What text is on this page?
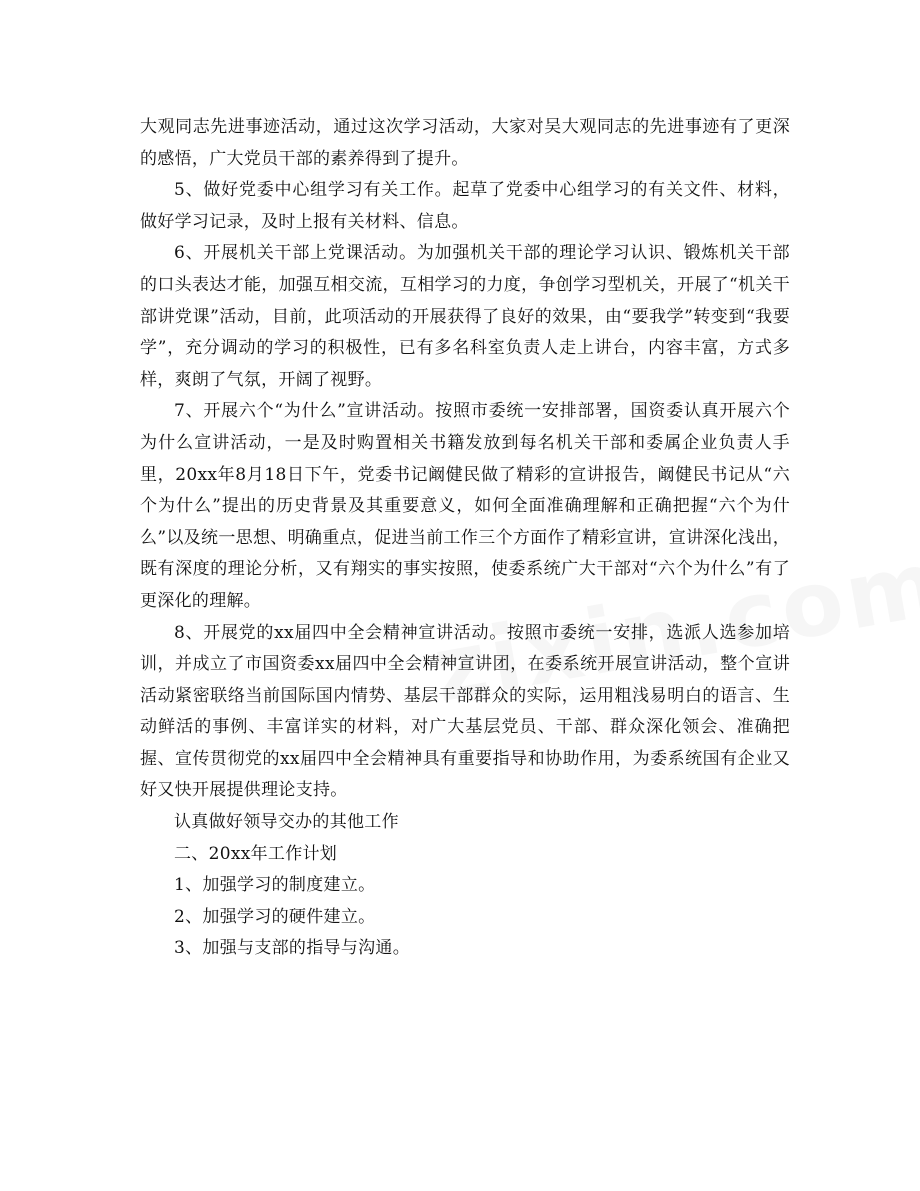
大观同志先进事迹活动，通过这次学习活动，大家对吴大观同志的先进事迹有了更深的感悟，广大党员干部的素养得到了提升。

5、做好党委中心组学习有关工作。起草了党委中心组学习的有关文件、材料，做好学习记录，及时上报有关材料、信息。

6、开展机关干部上党课活动。为加强机关干部的理论学习认识、锻炼机关干部的口头表达才能，加强互相交流，互相学习的力度，争创学习型机关，开展了“机关干部讲党课”活动，目前，此项活动的开展获得了良好的效果，由“要我学”转变到“我要学”，充分调动的学习的积极性，已有多名科室负责人走上讲台，内容丰富，方式多样，爽朗了气氛，开阔了视野。

7、开展六个“为什么”宣讲活动。按照市委统一安排部署，国资委认真开展六个为什么宣讲活动，一是及时购置相关书籍发放到每名机关干部和委属企业负责人手里，20xx年8月18日下午，党委书记阚健民做了精彩的宣讲报告，阚健民书记从“六个为什么”提出的历史背景及其重要意义，如何全面准确理解和正确把握“六个为什么”以及统一思想、明确重点，促进当前工作三个方面作了精彩宣讲，宣讲深化浅出，既有深度的理论分析，又有翔实的事实按照，使委系统广大干部对“六个为什么”有了更深化的理解。

8、开展党的xx届四中全会精神宣讲活动。按照市委统一安排，选派人选参加培训，并成立了市国资委xx届四中全会精神宣讲团，在委系统开展宣讲活动，整个宣讲活动紧密联络当前国际国内情势、基层干部群众的实际，运用粗浅易明白的语言、生动鲜活的事例、丰富详实的材料，对广大基层党员、干部、群众深化领会、准确把握、宣传贯彻党的xx届四中全会精神具有重要指导和协助作用，为委系统国有企业又好又快开展提供理论支持。

认真做好领导交办的其他工作

二、20xx年工作计划

1、加强学习的制度建立。

2、加强学习的硬件建立。

3、加强与支部的指导与沟通。
